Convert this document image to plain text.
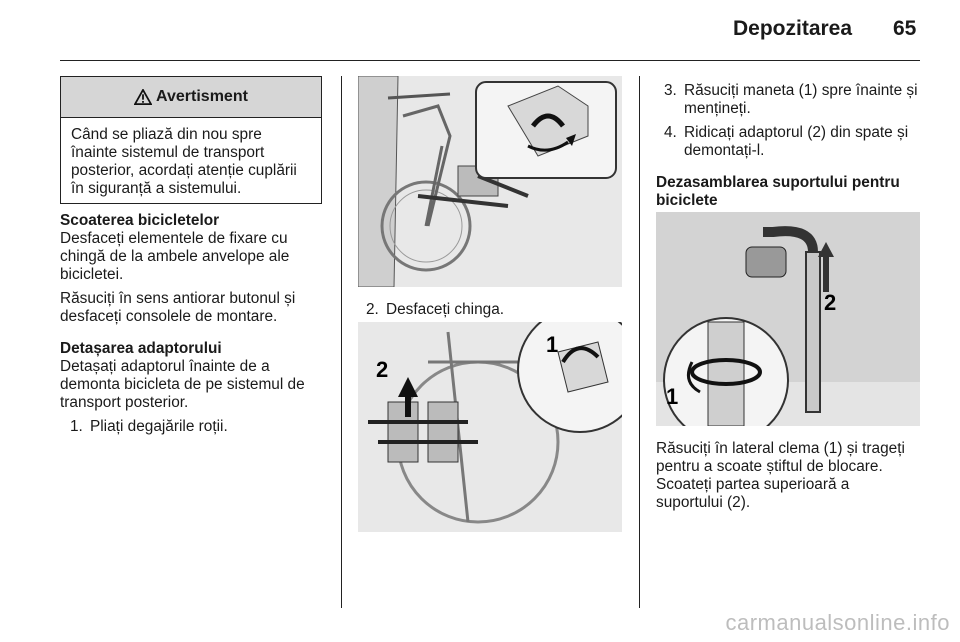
Depozitarea 65
Avertisment
Când se pliază din nou spre
înainte sistemul de transport
posterior, acordați atenție cuplării
în siguranță a sistemului.

Scoaterea bicicletelor

Desfaceți elementele de fixare cu
chingă de la ambele anvelope ale
bicicletei.

Răsuciți în sens antiorar butonul și
desfaceți consolele de montare.

Detașarea adaptorului

Detașați adaptorul înainte de a
demonta bicicleta de pe sistemul de
transport posterior.

1. Pliați degajările roții.
2. Desfaceți chinga.
2
1
3. Răsuciți maneta (1) spre înainte și
mențineți.
4. Ridicați adaptorul (2) din spate și
demontați-l.

Dezasamblarea suportului pentru
biciclete

2
1

Răsuciți în lateral clema (1) și trageți
pentru a scoate știftul de blocare.
Scoateți partea superioară a
suportului (2).

carmanualsonline.info
